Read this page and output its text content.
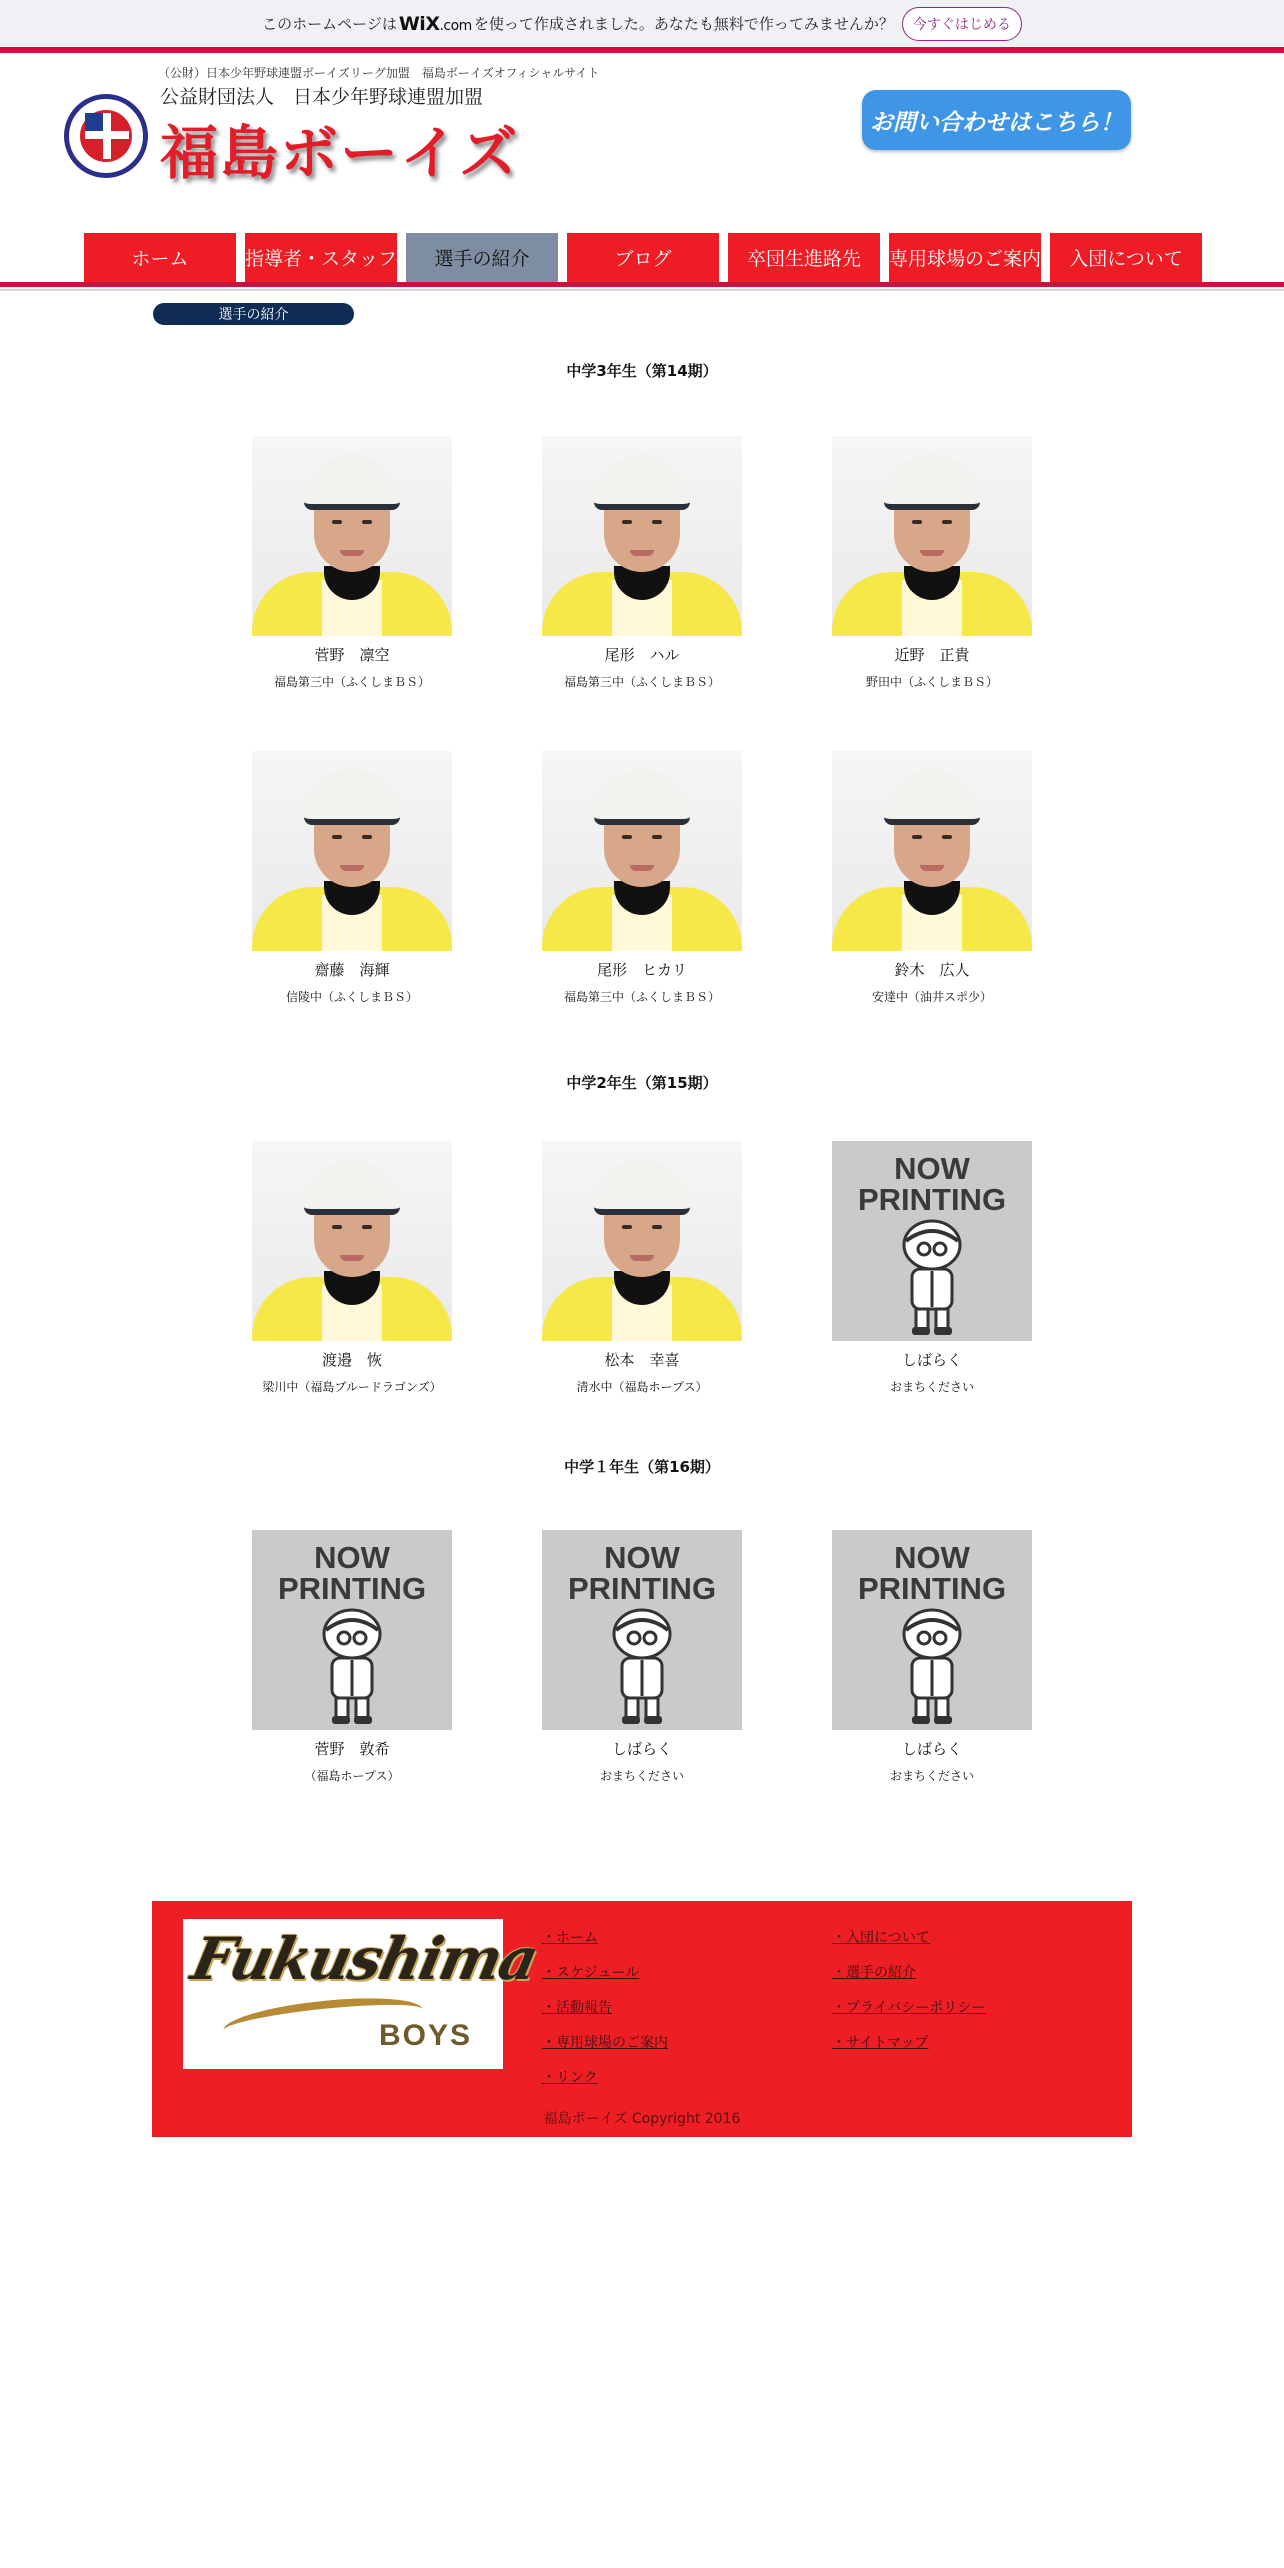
このホームページは WiX.com を使って作成されました。あなたも無料で作ってみませんか？	今すぐはじめる
（公財）日本少年野球連盟ボーイズリーグ加盟　福島ボーイズオフィシャルサイト
公益財団法人　日本少年野球連盟加盟
福島ボーイズ	お問い合わせはこちら！
ホーム	指導者・スタッフ	選手の紹介	ブログ	卒団生進路先	専用球場のご案内	入団について
選手の紹介
中学3年生（第14期）
中学2年生（第15期）
中学１年生（第16期）
菅野　凛空
福島第三中（ふくしまＢＳ）
尾形　ハル
福島第三中（ふくしまＢＳ）
近野　正貴
野田中（ふくしまＢＳ）
齋藤　海輝
信陵中（ふくしまＢＳ）
尾形　ヒカリ
福島第三中（ふくしまＢＳ）
鈴木　広人
安達中（油井スポ少）
渡邉　恢
梁川中（福島ブルードラゴンズ）
松本　幸喜
清水中（福島ホープス）
NOW
PRINTING
しばらく
おまちください
NOW
PRINTING
菅野　敦希
（福島ホープス）
NOW
PRINTING
しばらく
おまちください
NOW
PRINTING
しばらく
おまちください
Fukushima
BOYS
・ホーム
・スケジュール
・活動報告
・専用球場のご案内
・リンク
・入団について
・選手の紹介
・プライバシーポリシー
・サイトマップ
福島ボーイズ Copyright 2016
